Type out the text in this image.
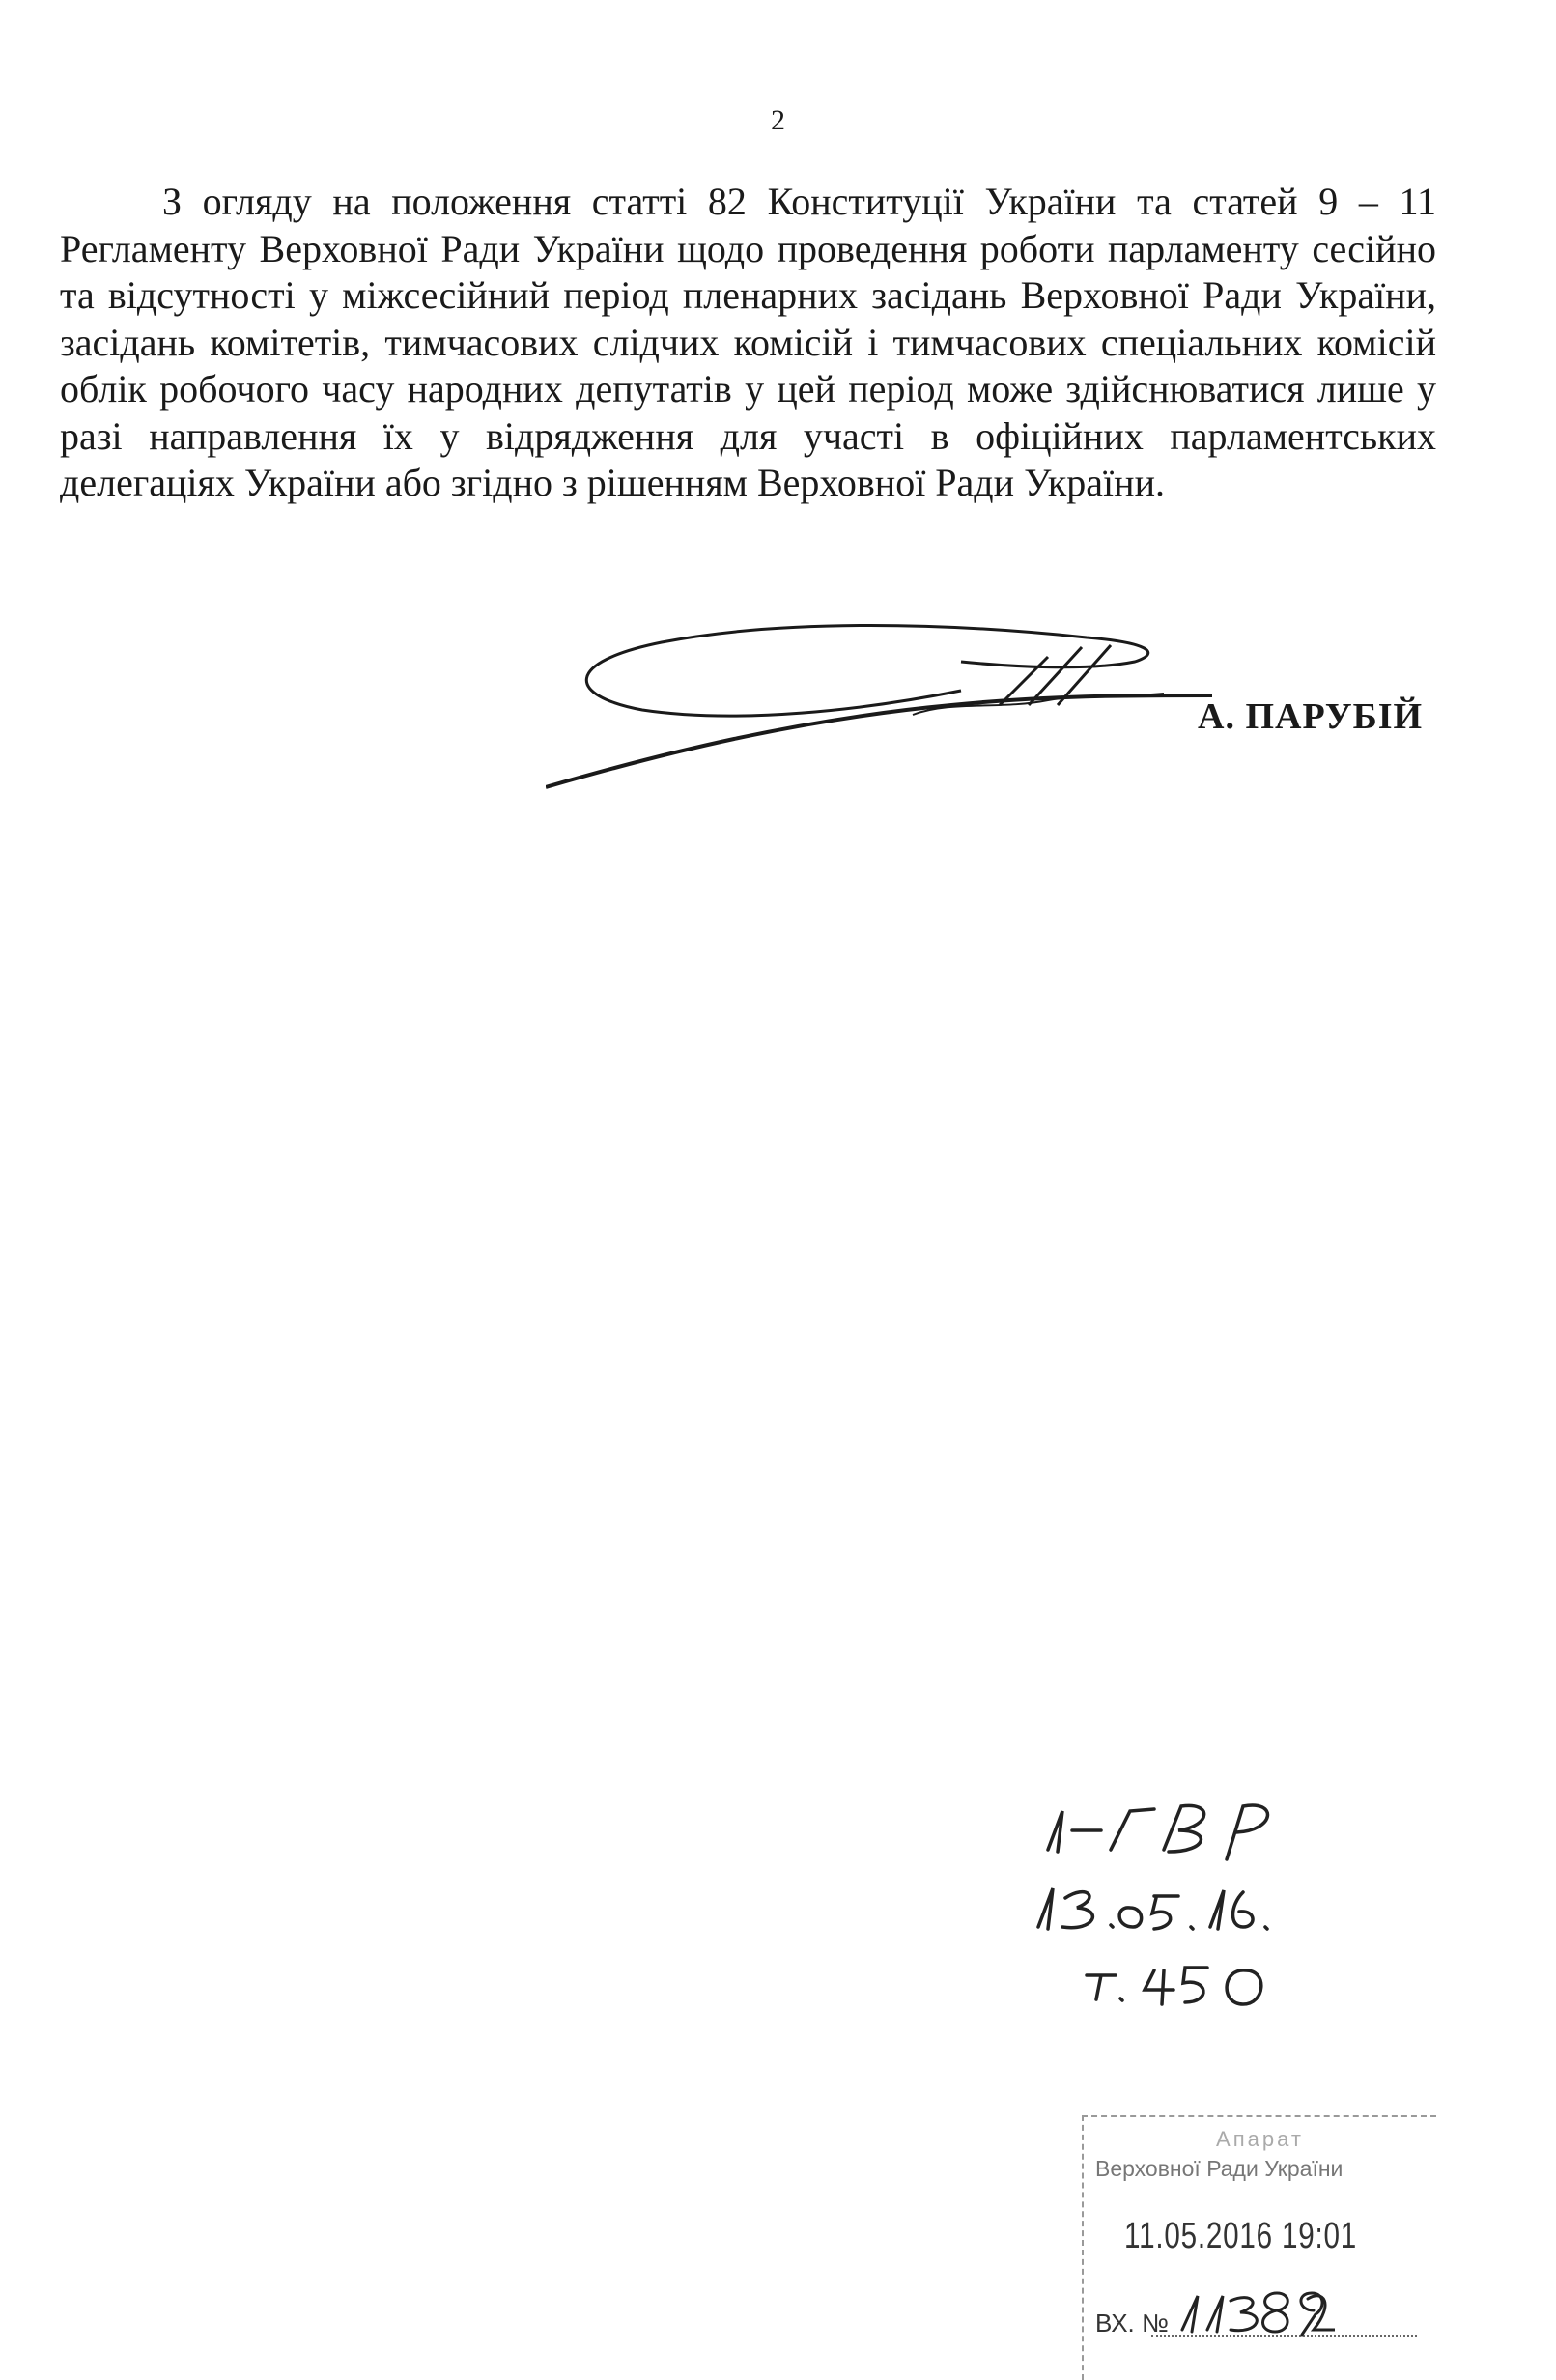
2

З огляду на положення статті 82 Конституції України та статей 9 – 11 Регламенту Верховної Ради України щодо проведення роботи парламенту сесійно та відсутності у міжсесійний період пленарних засідань Верховної Ради України, засідань комітетів, тимчасових слідчих комісій і тимчасових спеціальних комісій облік робочого часу народних депутатів у цей період може здійснюватися лише у разі направлення їх у відрядження для участі в офіційних парламентських делегаціях України або згідно з рішенням Верховної Ради України.

А. ПАРУБІЙ
Апарат
Верховної Ради України
11.05.2016 19:01
ВХ. №
